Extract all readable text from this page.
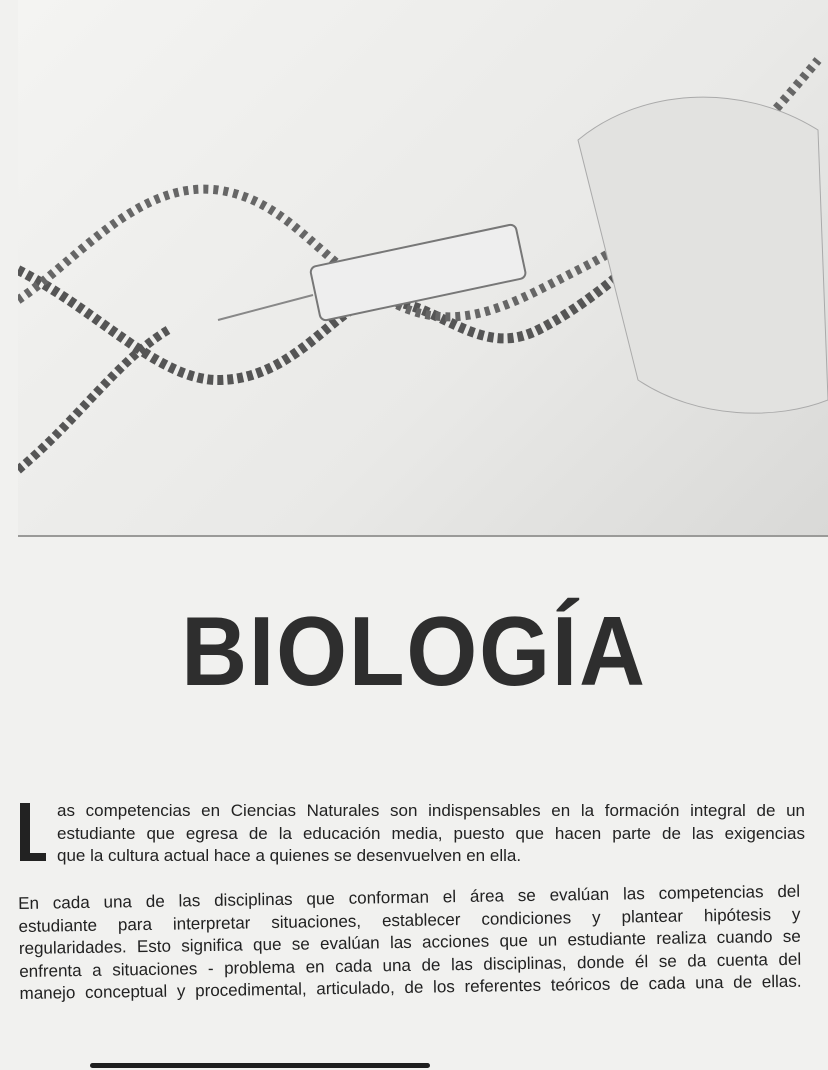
BIOLOGÍA
as competencias en Ciencias Naturales son indispensables en la formación integral de un
estudiante que egresa de la educación media, puesto que hacen parte de las exigencias
que la cultura actual hace a quienes se desenvuelven en ella.
En cada una de las disciplinas que conforman el área se evalúan las competencias del
estudiante para interpretar situaciones, establecer condiciones y plantear hipótesis y
regularidades. Esto significa que se evalúan las acciones que un estudiante realiza cuando se
enfrenta a situaciones - problema en cada una de las disciplinas, donde él se da cuenta del
manejo conceptual y procedimental, articulado, de los referentes teóricos de cada una de ellas.
